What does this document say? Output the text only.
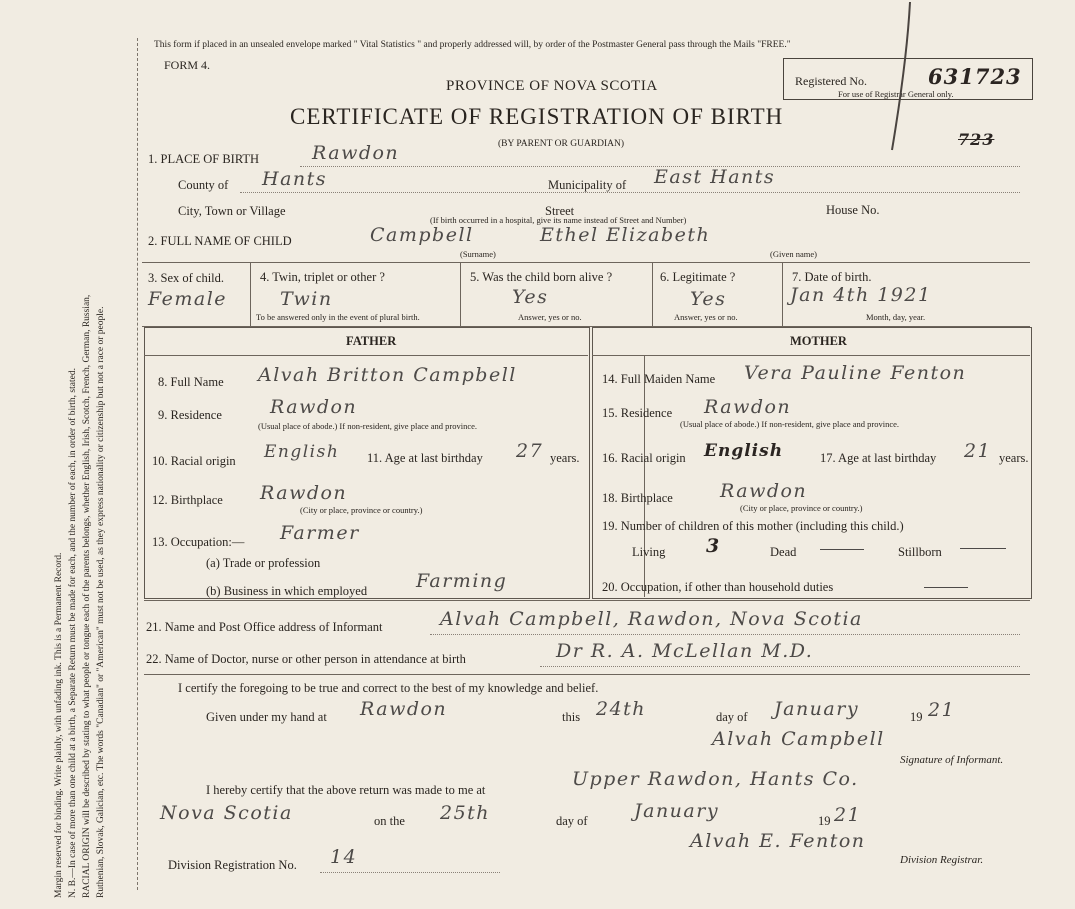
Margin reserved for binding. Write plainly, with unfading ink. This is a Permanent Record. N. B.—In case of more than one child at a birth, a Separate Return must be made for each, and the number of each, in order of birth, stated. RACIAL ORIGIN will be described by stating to what people or tongue each of the parents belongs, whether English, Irish, Scotch, French, German, Russian, Ruthenian, Slovak, Galician, etc. The words "Canadian" or "American" must not be used, as they express nationality or citizenship but not a race or people.
This form if placed in an unsealed envelope marked " Vital Statistics " and properly addressed will, by order of the Postmaster General pass through the Mails "FREE."
FORM 4.
PROVINCE OF NOVA SCOTIA
CERTIFICATE OF REGISTRATION OF BIRTH
(BY PARENT OR GUARDIAN)
Registered No.	631723
For use of Registrar General only.
723
1. PLACE OF BIRTH	Rawdon
County of Hants	Municipality of East Hants
City, Town or Village	Street	House No.
(If birth occurred in a hospital, give its name instead of Street and Number)
2. FULL NAME OF CHILD	Campbell	Ethel Elizabeth
(Surname)	(Given name)
3. Sex of child.
Female
4. Twin, triplet or other ?
Twin
To be answered only in the event of plural birth.
5. Was the child born alive ?
Yes
Answer, yes or no.
6. Legitimate ?
Yes
Answer, yes or no.
7. Date of birth.
Jan 4th 1921
Month, day, year.
FATHER	MOTHER
8. Full Name Alvah Britton Campbell
9. Residence	Rawdon
(Usual place of abode.) If non-resident, give place and province.
10. Racial origin English 11. Age at last birthday 27 years.
12. Birthplace Rawdon
(City or place, province or country.)
13. Occupation:— Farmer
(a) Trade or profession
(b) Business in which employed	Farming
14. Full Maiden Name Vera Pauline Fenton
15. Residence Rawdon
(Usual place of abode.) If non-resident, give place and province.
16. Racial origin English	17. Age at last birthday 21 years.
18. Birthplace Rawdon
(City or place, province or country.)
19. Number of children of this mother (including this child.)
Living 3	Dead	Stillborn
20. Occupation, if other than household duties
21. Name and Post Office address of Informant	Alvah Campbell, Rawdon, Nova Scotia
22. Name of Doctor, nurse or other person in attendance at birth	Dr R. A. McLellan M.D.
I certify the foregoing to be true and correct to the best of my knowledge and belief.
Given under my hand at Rawdon	this 24th	day of January	19 21
Alvah Campbell
Signature of Informant.
I hereby certify that the above return was made to me at	Upper Rawdon, Hants Co.
Nova Scotia	on the 25th	day of January	19 21
Alvah E. Fenton
Division Registrar.
Division Registration No. 14
